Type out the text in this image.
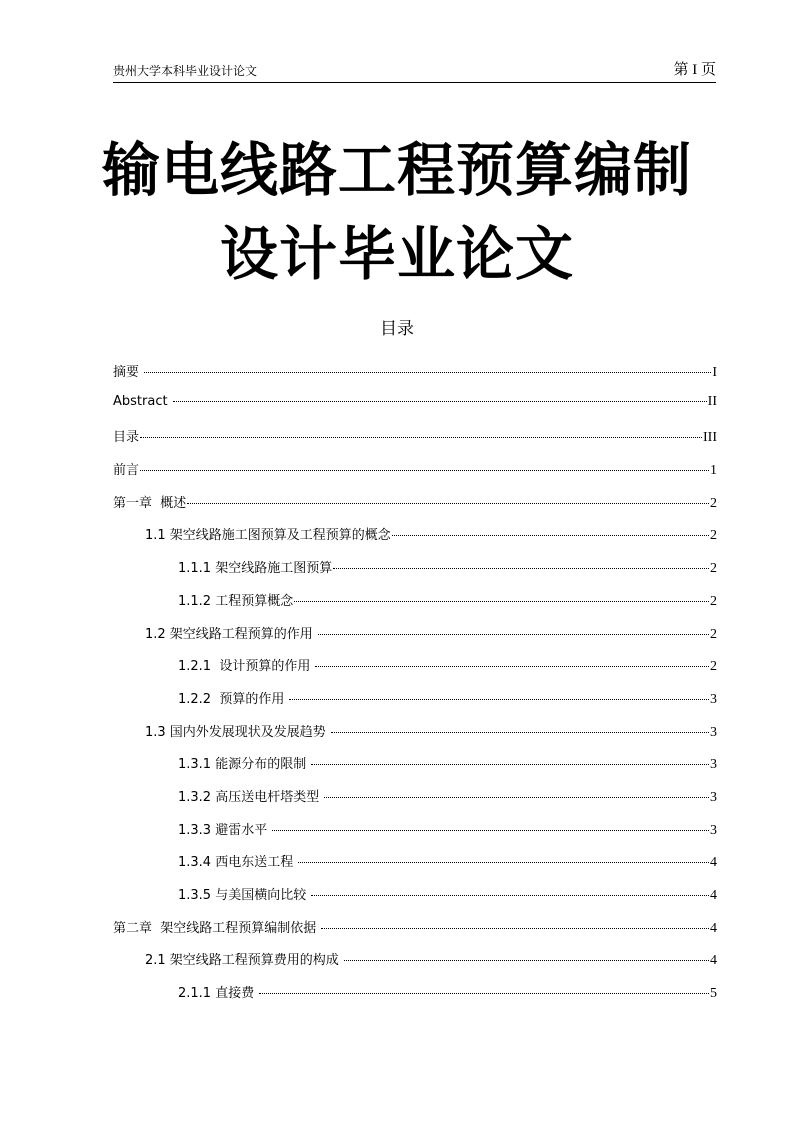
贵州大学本科毕业设计论文	第 I 页
输电线路工程预算编制
设计毕业论文
目录
摘要	I
Abstract	II
目录	III
前言	1
第一章  概述	2
1.1 架空线路施工图预算及工程预算的概念	2
1.1.1 架空线路施工图预算	2
1.1.2 工程预算概念	2
1.2 架空线路工程预算的作用	2
1.2.1  设计预算的作用	2
1.2.2  预算的作用	3
1.3 国内外发展现状及发展趋势	3
1.3.1 能源分布的限制	3
1.3.2 高压送电杆塔类型	3
1.3.3 避雷水平	3
1.3.4 西电东送工程	4
1.3.5 与美国横向比较	4
第二章  架空线路工程预算编制依据	4
2.1 架空线路工程预算费用的构成	4
2.1.1 直接费	5
